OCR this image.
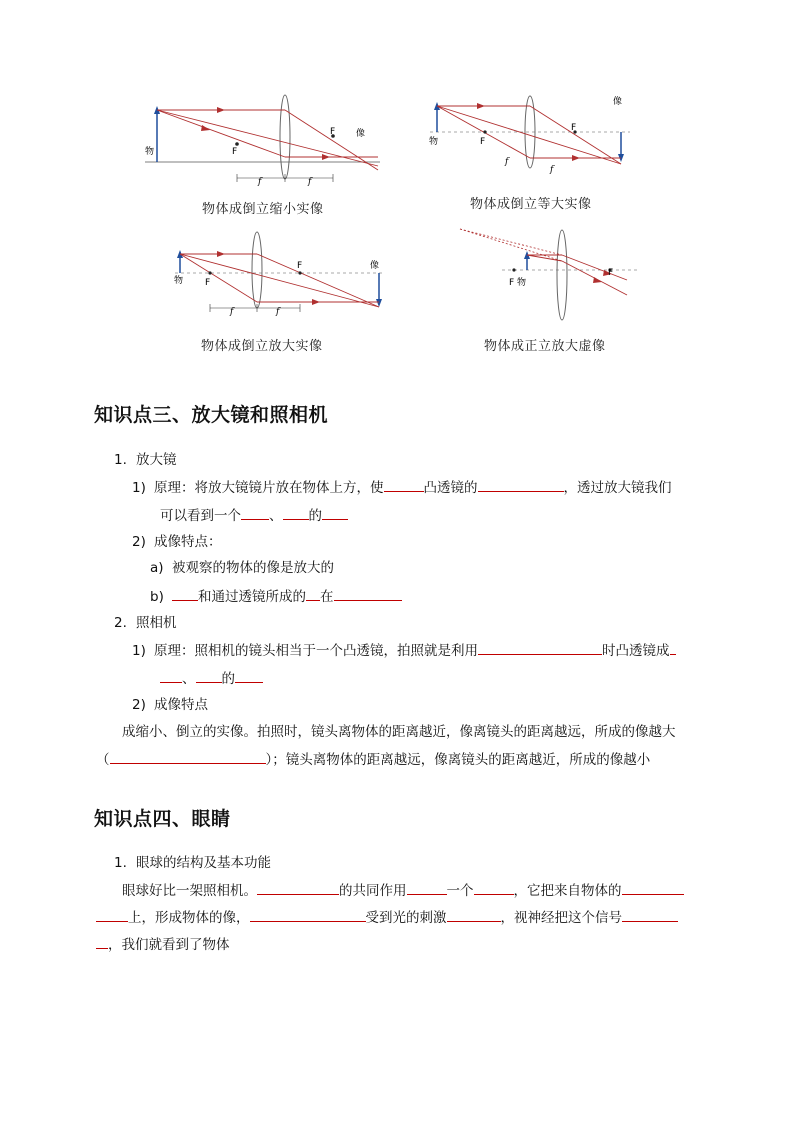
F
F
物
像
f	f
物体成倒立缩小实像
F
F
物
像
f
f
物体成倒立等大实像
F
F
物
像
f	f
物体成倒立放大实像
F 物
F
物体成正立放大虚像
知识点三、放大镜和照相机
1. 放大镜
1) 原理：将放大镜镜片放在物体上方，使	凸透镜的	，透过放大镜我们
可以看到一个 、 的
2) 成像特点：
a) 被观察的物体的像是放大的
b)	和通过透镜所成的 在
2. 照相机
1) 原理：照相机的镜头相当于一个凸透镜，拍照就是利用	时凸透镜成
、 的
2) 成像特点
成缩小、倒立的实像。拍照时，镜头离物体的距离越近，像离镜头的距离越远，所成的像越大
（	）；镜头离物体的距离越远，像离镜头的距离越近，所成的像越小
知识点四、眼睛
1. 眼球的结构及基本功能
眼球好比一架照相机。	的共同作用	一个	，它把来自物体的
上，形成物体的像，	受到光的刺激	，视神经把这个信号
，我们就看到了物体
